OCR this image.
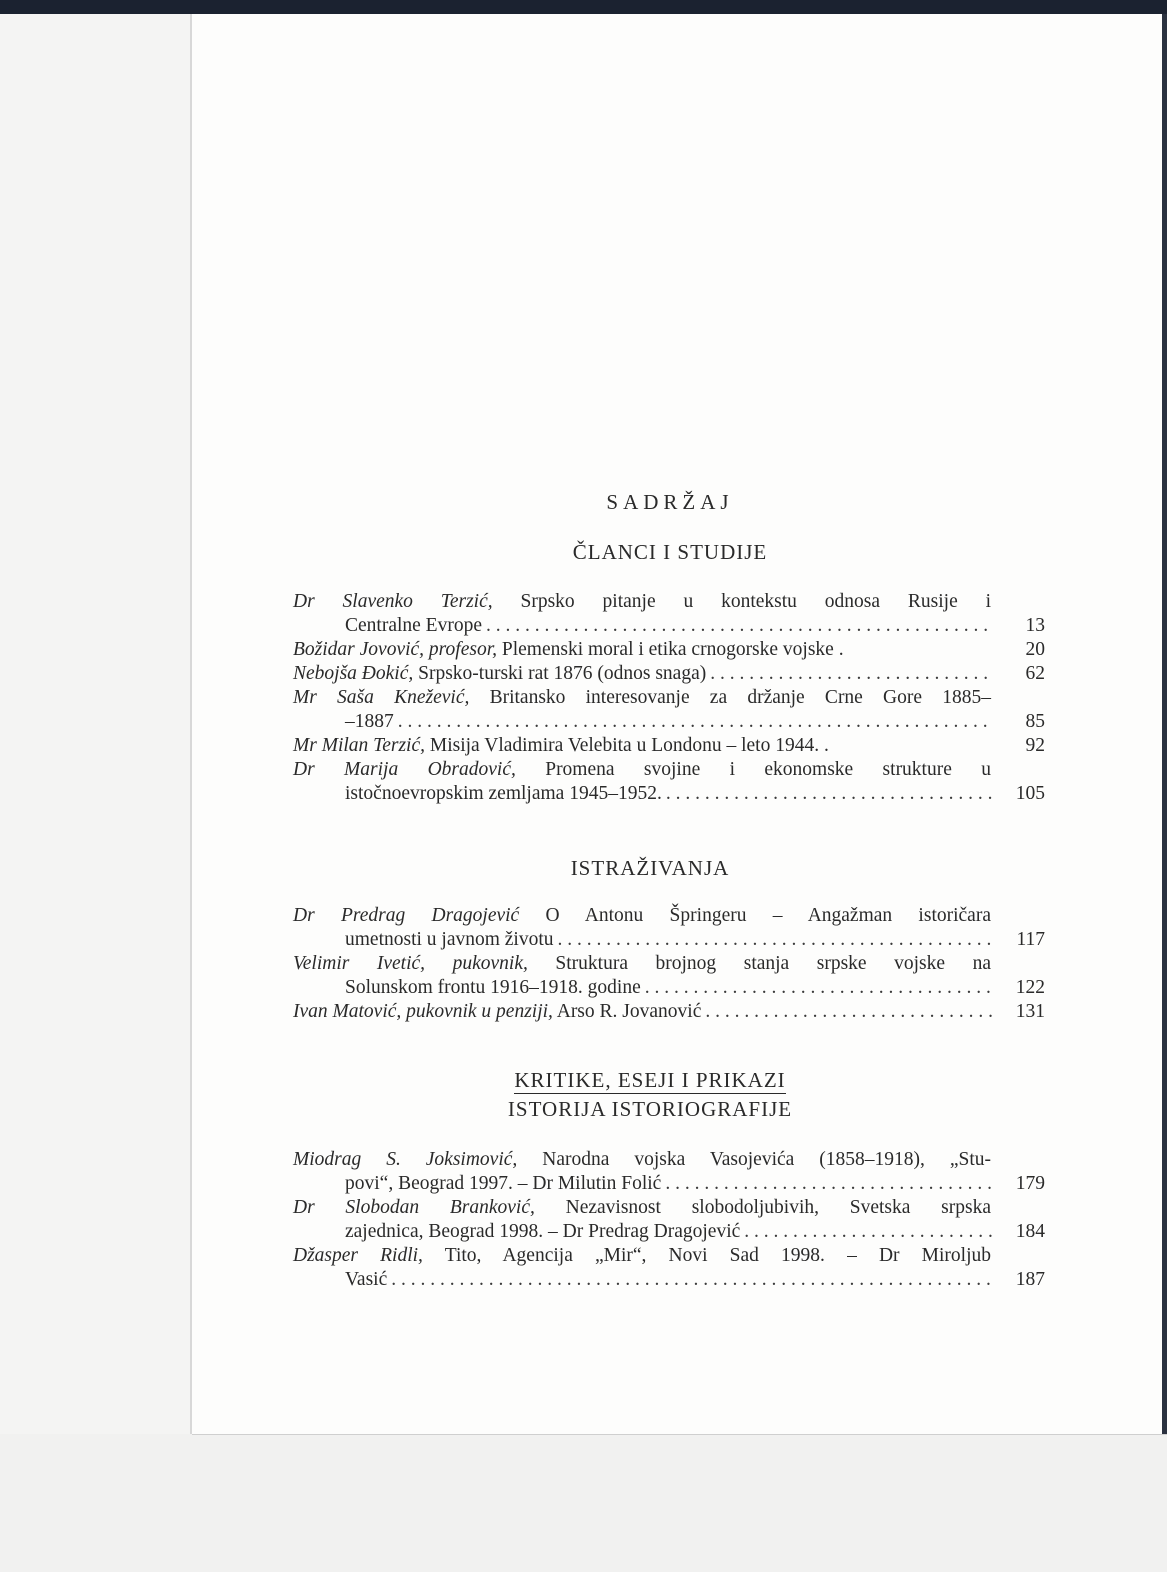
SADRŽAJ
ČLANCI I STUDIJE
Dr Slavenko Terzić, Srpsko pitanje u kontekstu odnosa Rusije i
Centralne Evrope . . .	13
Božidar Jovović, profesor, Plemenski moral i etika crnogorske vojske .	20
Nebojša Đokić, Srpsko-turski rat 1876 (odnos snaga) . . .	62
Mr Saša Knežević, Britansko interesovanje za držanje Crne Gore 1885–
–1887 . . .	85
Mr Milan Terzić, Misija Vladimira Velebita u Londonu – leto 1944. .	92
Dr Marija Obradović, Promena svojine i ekonomske strukture u
istočnoevropskim zemljama 1945–1952. . . .	105
ISTRAŽIVANJA
Dr Predrag Dragojević O Antonu Špringeru – Angažman istoričara
umetnosti u javnom životu . . .	117
Velimir Ivetić, pukovnik, Struktura brojnog stanja srpske vojske na
Solunskom frontu 1916–1918. godine . . .	122
Ivan Matović, pukovnik u penziji, Arso R. Jovanović . . .	131
KRITIKE, ESEJI I PRIKAZI
ISTORIJA ISTORIOGRAFIJE
Miodrag S. Joksimović, Narodna vojska Vasojevića (1858–1918), „Stu-
povi“, Beograd 1997. – Dr Milutin Folić . . .	179
Dr Slobodan Branković, Nezavisnost slobodoljubivih, Svetska srpska
zajednica, Beograd 1998. – Dr Predrag Dragojević . . .	184
Džasper Ridli, Tito, Agencija „Mir“, Novi Sad 1998. – Dr Miroljub
Vasić . . .	187
